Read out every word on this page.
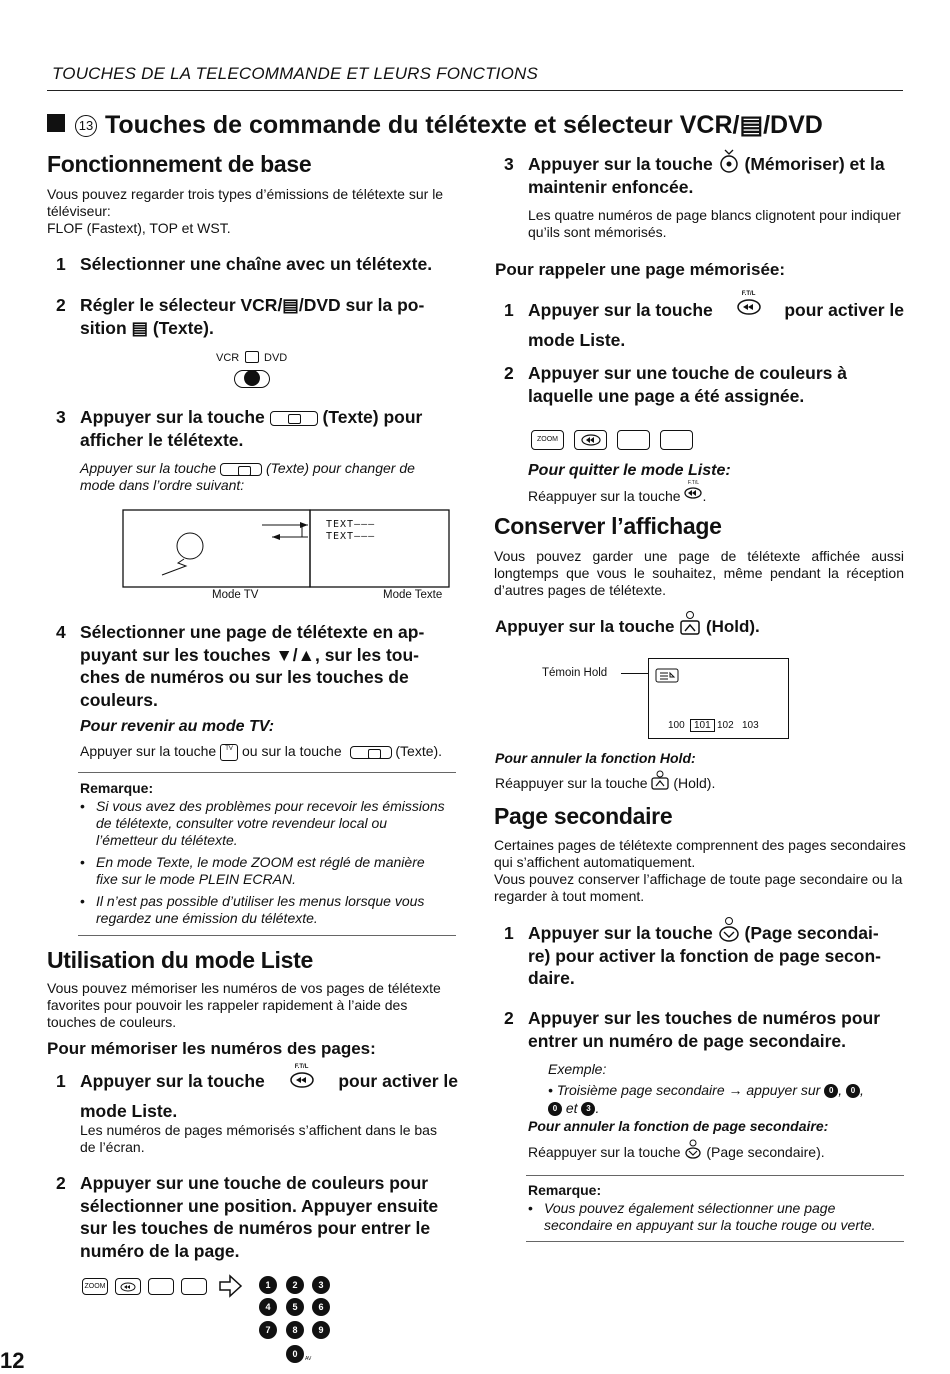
TOUCHES DE LA TELECOMMANDE ET LEURS FONCTIONS
13 Touches de commande du télétexte et sélecteur VCR/▤/DVD
Fonctionnement de base
Vous pouvez regarder trois types d’émissions de télétexte sur le téléviseur:
FLOF (Fastext), TOP et WST.
1 Sélectionner une chaîne avec un télétexte.
2 Régler le sélecteur VCR/▤/DVD sur la po-
sition ▤ (Texte).
VCR DVD
3 Appuyer sur la touche	(Texte) pour
afficher le télétexte.
Appuyer sur la touche	(Texte) pour changer de
mode dans l’ordre suivant:
TEXT–––
TEXT–––
Mode TV	Mode Texte
4 Sélectionner une page de télétexte en ap-
puyant sur les touches ▼/▲, sur les tou-
ches de numéros ou sur les touches de
couleurs.
Pour revenir au mode TV:
Appuyer sur la touche TV ou sur la touche	(Texte).
Remarque:
• Si vous avez des problèmes pour recevoir les émissions de télétexte, consulter votre revendeur local ou l’émetteur du télétexte.
• En mode Texte, le mode ZOOM est réglé de manière fixe sur le mode PLEIN ECRAN.
• Il n’est pas possible d’utiliser les menus lorsque vous regardez une émission du télétexte.
Utilisation du mode Liste
Vous pouvez mémoriser les numéros de vos pages de télétexte favorites pour pouvoir les rappeler rapidement à l’aide des touches de couleurs.
Pour mémoriser les numéros des pages:
1 Appuyer sur la touche
F.T/L
pour activer le
mode Liste.
Les numéros de pages mémorisés s’affichent dans le bas de l’écran.
2 Appuyer sur une touche de couleurs pour sélectionner une position. Appuyer ensuite sur les touches de numéros pour entrer le numéro de la page.
ZOOM	1	2	3
4	5	6
7	8	9
0	AV
12
3 Appuyer sur la touche (Mémoriser) et la
maintenir enfoncée.
Les quatre numéros de page blancs clignotent pour indiquer qu’ils sont mémorisés.
Pour rappeler une page mémorisée:
1 Appuyer sur la touche
F.T/L
pour activer le
mode Liste.
2 Appuyer sur une touche de couleurs à laquelle une page a été assignée.
ZOOM
Pour quitter le mode Liste:
Réappuyer sur la touche
F.T/L
.
Conserver l’affichage
Vous pouvez garder une page de télétexte affichée aussi longtemps que vous le souhaitez, même pendant la réception d’autres pages de télétexte.
Appuyer sur la touche (Hold).
Témoin Hold
100 101 102 103
Pour annuler la fonction Hold:
Réappuyer sur la touche (Hold).
Page secondaire
Certaines pages de télétexte comprennent des pages secondaires qui s’affichent automatiquement.
Vous pouvez conserver l’affichage de toute page secondaire ou la regarder à tout moment.
1 Appuyer sur la touche (Page secondai-
re) pour activer la fonction de page secon-
daire.
2 Appuyer sur les touches de numéros pour entrer un numéro de page secondaire.
Exemple:
• Troisième page secondaire → appuyer sur 0 , 0 ,
0 et 3 .
Pour annuler la fonction de page secondaire:
Réappuyer sur la touche (Page secondaire).
Remarque:
• Vous pouvez également sélectionner une page secondaire en appuyant sur la touche rouge ou verte.
